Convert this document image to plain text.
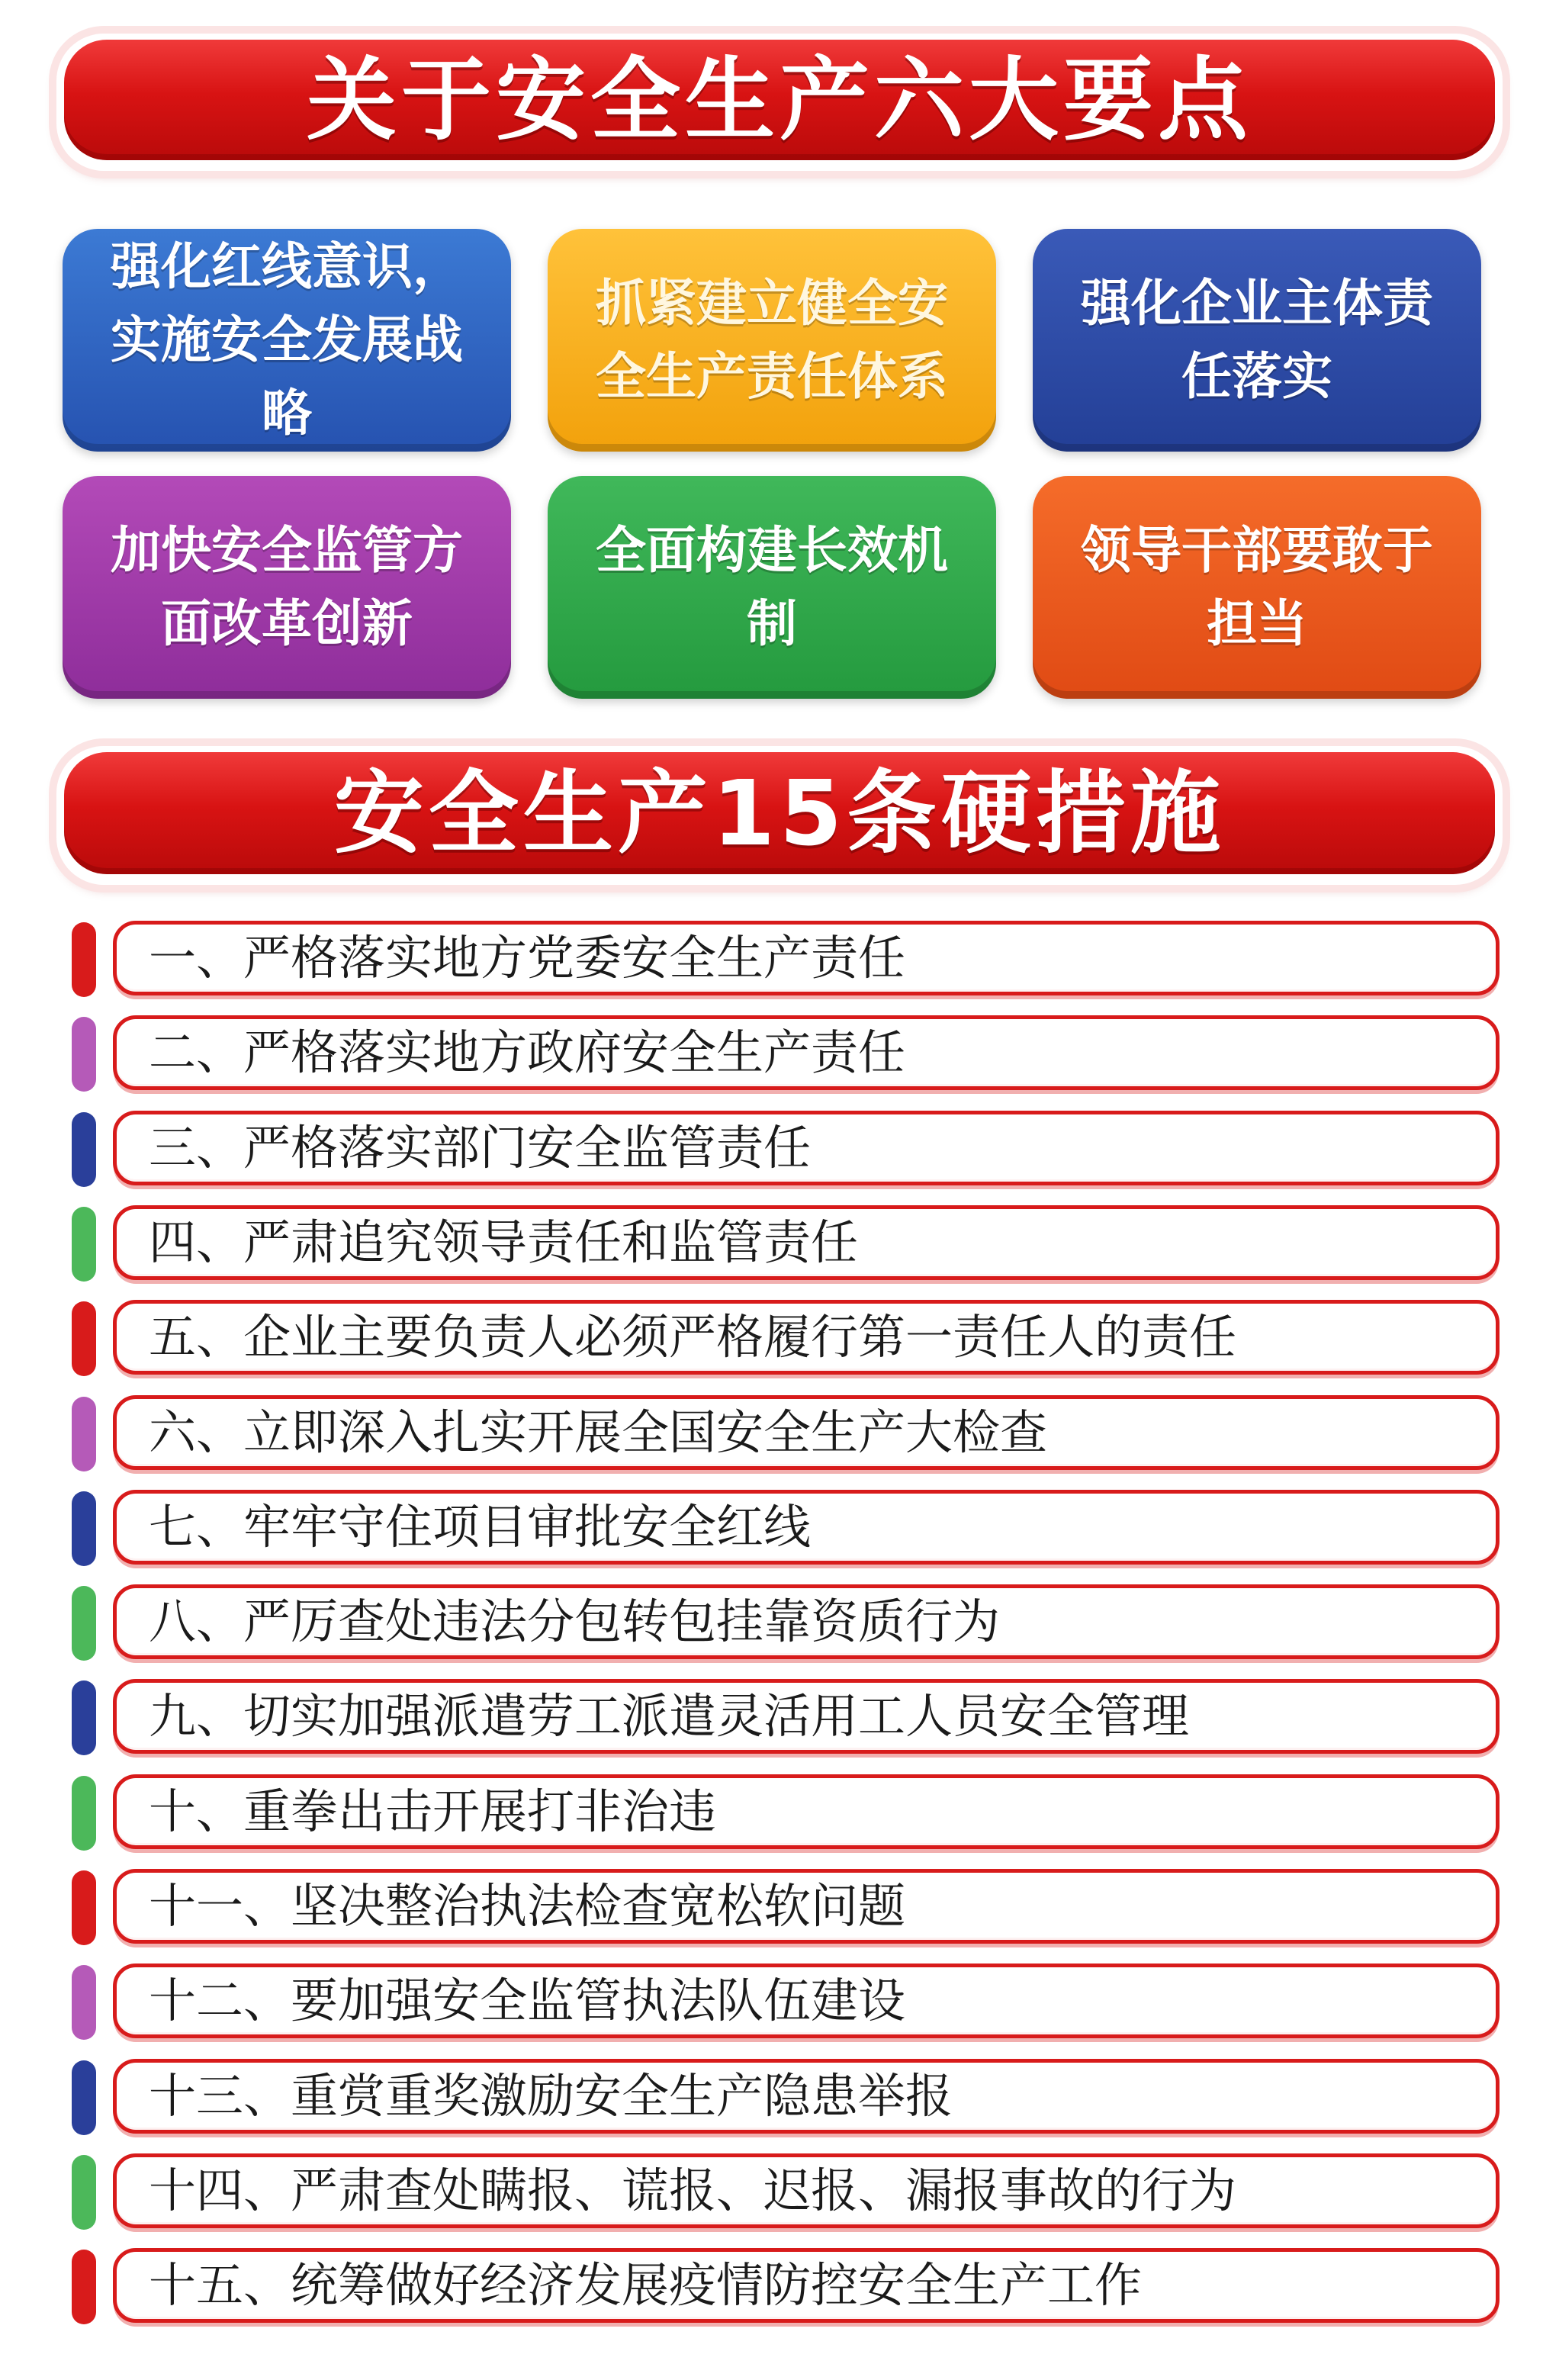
关于安全生产六大要点
强化红线意识，实施安全发展战略
抓紧建立健全安全生产责任体系
强化企业主体责任落实
加快安全监管方面改革创新
全面构建长效机制
领导干部要敢于担当
安全生产15条硬措施
一、严格落实地方党委安全生产责任
二、严格落实地方政府安全生产责任
三、严格落实部门安全监管责任
四、严肃追究领导责任和监管责任
五、企业主要负责人必须严格履行第一责任人的责任
六、立即深入扎实开展全国安全生产大检查
七、牢牢守住项目审批安全红线
八、严厉查处违法分包转包挂靠资质行为
九、切实加强派遣劳工派遣灵活用工人员安全管理
十、重拳出击开展打非治违
十一、坚决整治执法检查宽松软问题
十二、要加强安全监管执法队伍建设
十三、重赏重奖激励安全生产隐患举报
十四、严肃查处瞒报、谎报、迟报、漏报事故的行为
十五、统筹做好经济发展疫情防控安全生产工作
